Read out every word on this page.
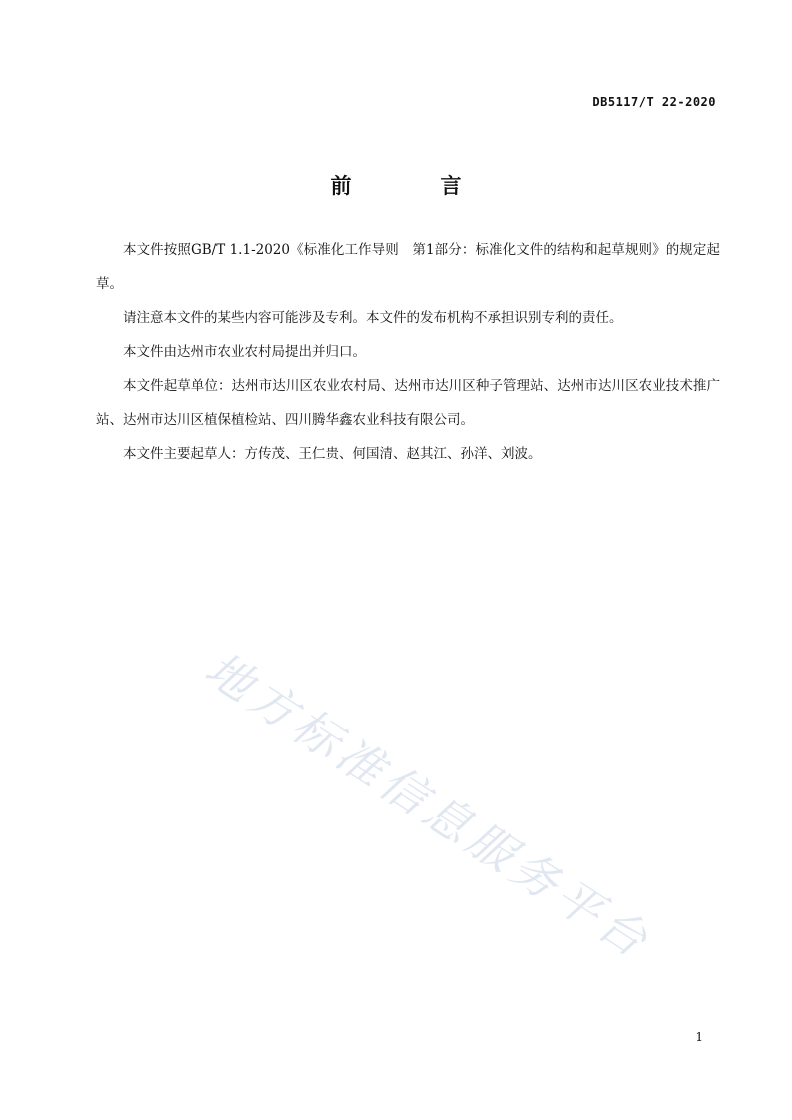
DB5117/T 22-2020
前　言

本文件按照GB/T 1.1-2020《标准化工作导则　第1部分：标准化文件的结构和起草规则》的规定起草。

请注意本文件的某些内容可能涉及专利。本文件的发布机构不承担识别专利的责任。

本文件由达州市农业农村局提出并归口。

本文件起草单位：达州市达川区农业农村局、达州市达川区种子管理站、达州市达川区农业技术推广站、达州市达川区植保植检站、四川腾华鑫农业科技有限公司。

本文件主要起草人：方传茂、王仁贵、何国清、赵其江、孙洋、刘波。

地方标准信息服务平台
1
